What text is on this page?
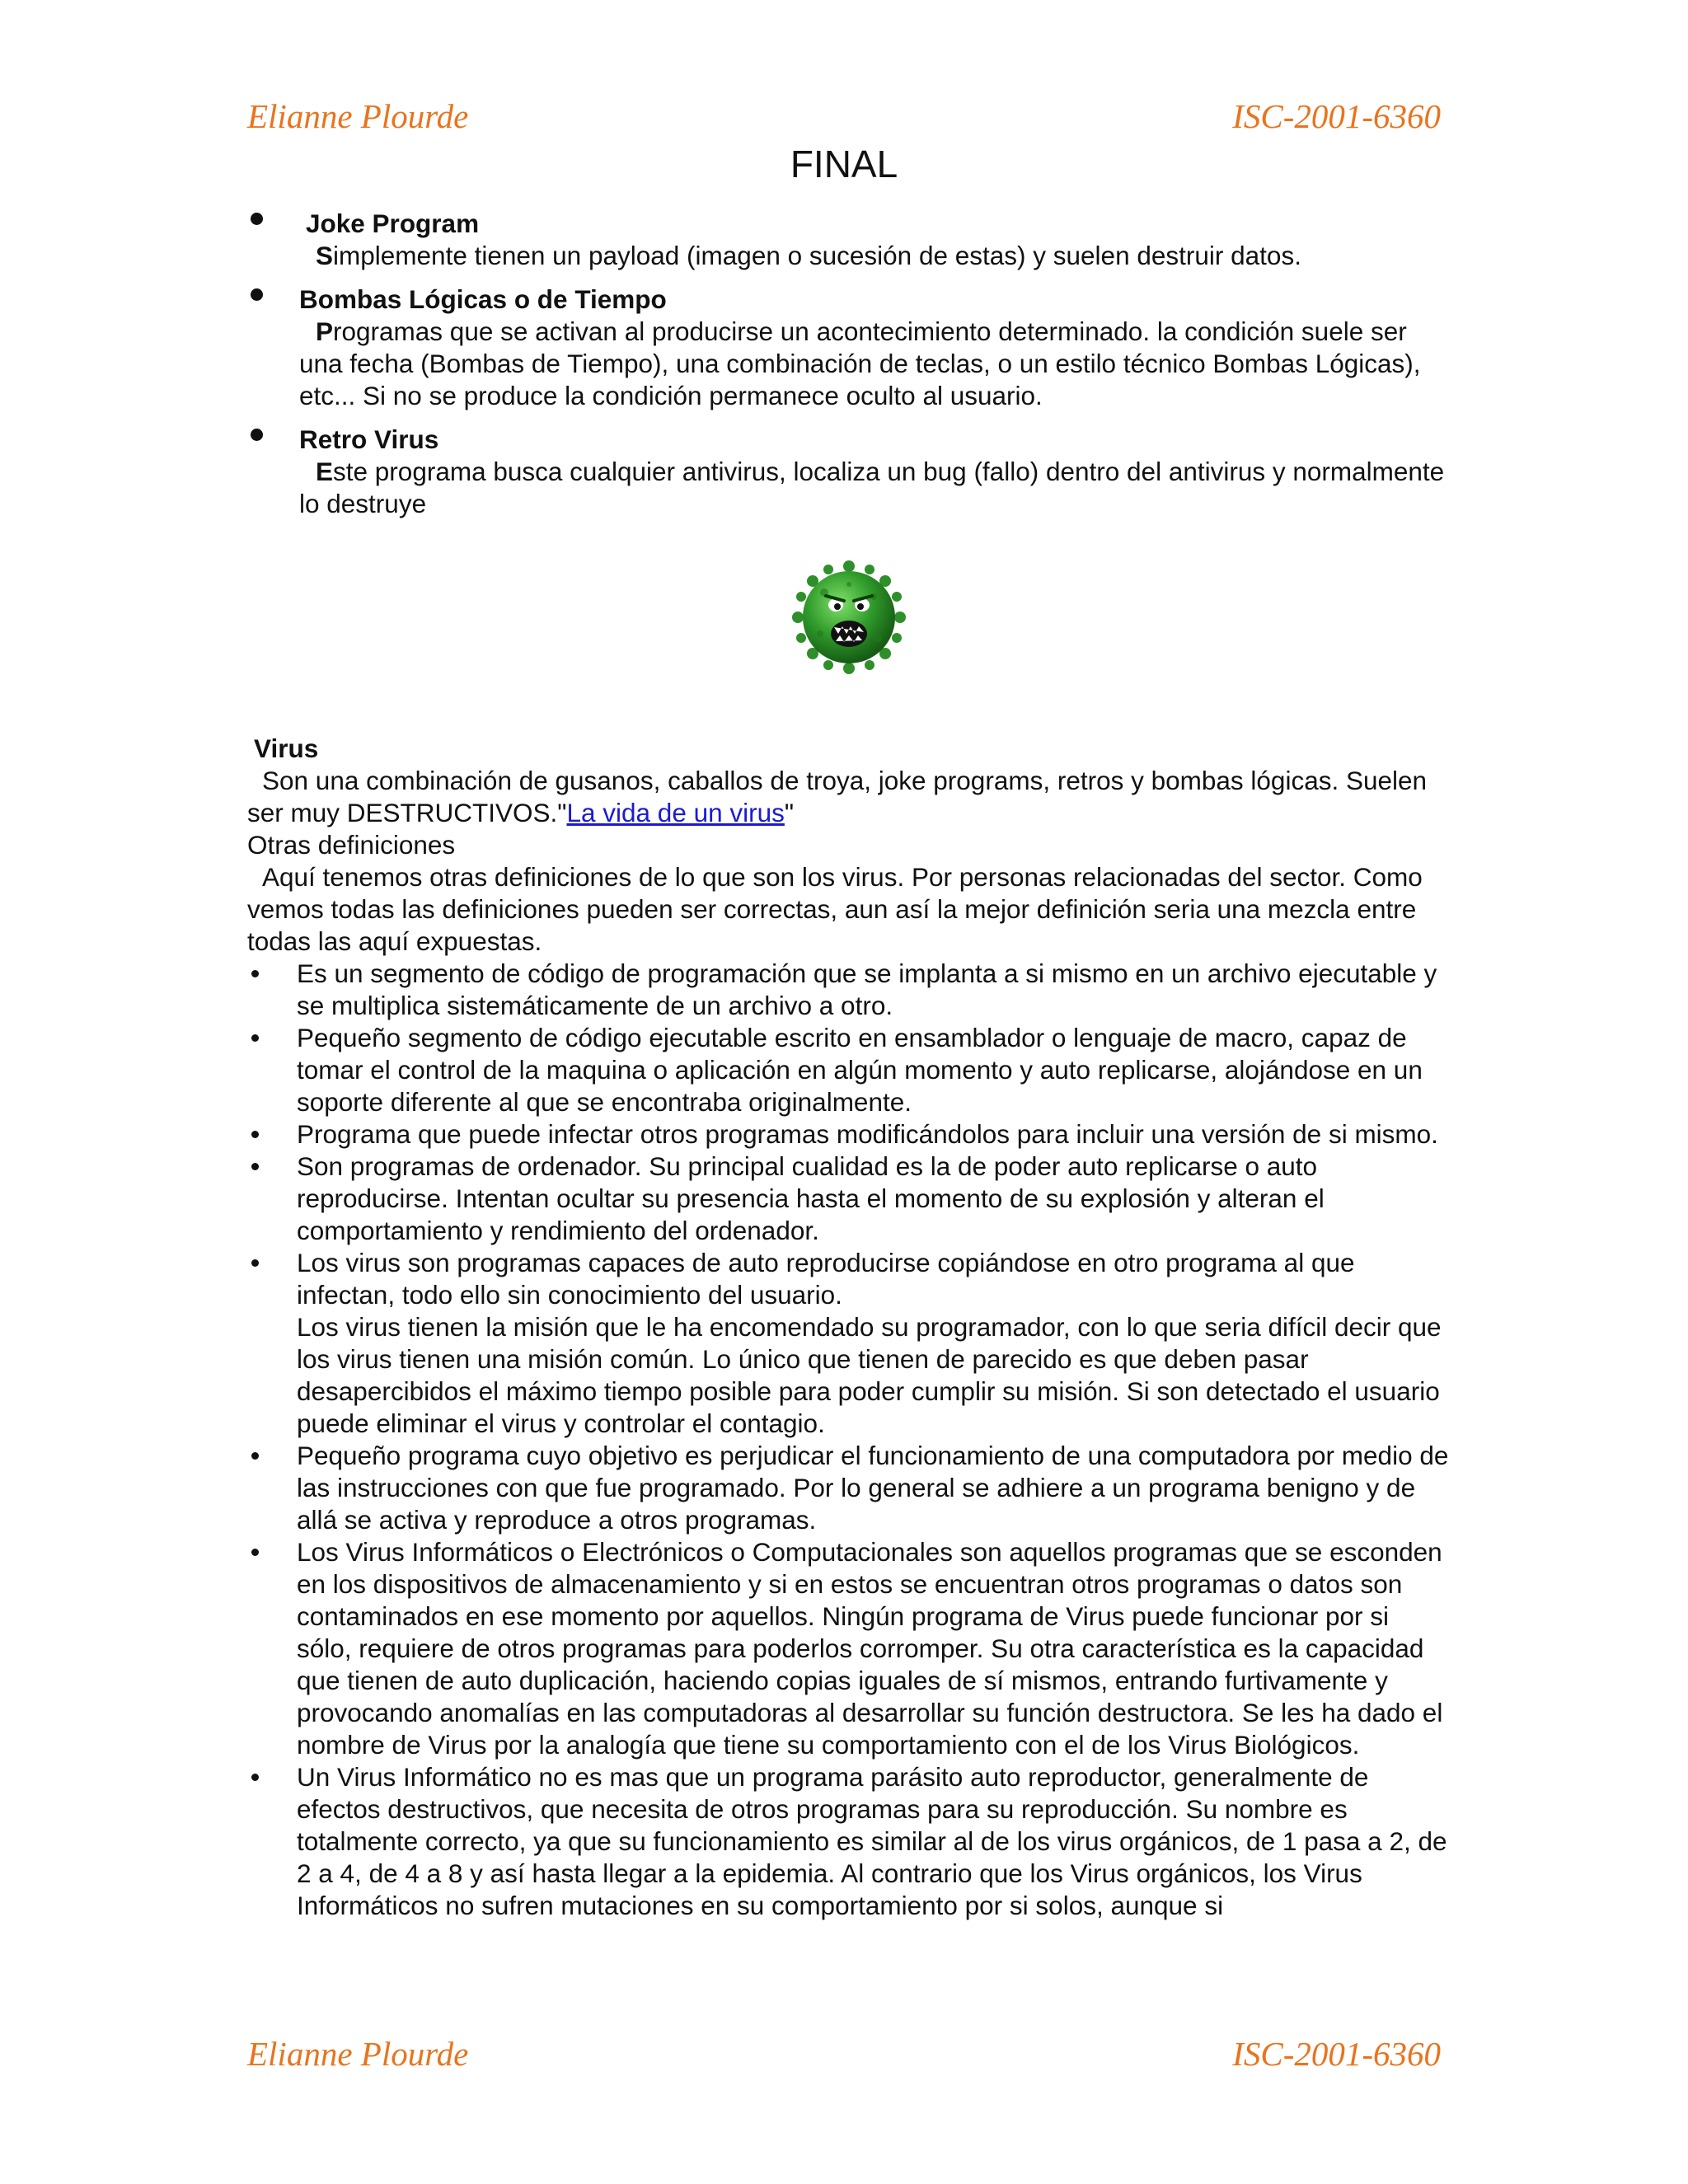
Elianne Plourde	ISC-2001-6360
FINAL
Joke Program
Simplemente tienen un payload (imagen o sucesión de estas) y suelen destruir datos.
Bombas Lógicas o de Tiempo
Programas que se activan al producirse un acontecimiento determinado. la condición suele ser una fecha (Bombas de Tiempo), una combinación de teclas, o un estilo técnico Bombas Lógicas), etc... Si no se produce la condición permanece oculto al usuario.
Retro Virus
Este programa busca cualquier antivirus, localiza un bug (fallo) dentro del antivirus y normalmente lo destruye
Virus
Son una combinación de gusanos, caballos de troya, joke programs, retros y bombas lógicas. Suelen ser muy DESTRUCTIVOS."La vida de un virus"
Otras definiciones
Aquí tenemos otras definiciones de lo que son los virus. Por personas relacionadas del sector. Como vemos todas las definiciones pueden ser correctas, aun así la mejor definición seria una mezcla entre todas las aquí expuestas.
Es un segmento de código de programación que se implanta a si mismo en un archivo ejecutable y se multiplica sistemáticamente de un archivo a otro.
Pequeño segmento de código ejecutable escrito en ensamblador o lenguaje de macro, capaz de tomar el control de la maquina o aplicación en algún momento y auto replicarse, alojándose en un soporte diferente al que se encontraba originalmente.
Programa que puede infectar otros programas modificándolos para incluir una versión de si mismo.
Son programas de ordenador. Su principal cualidad es la de poder auto replicarse o auto reproducirse. Intentan ocultar su presencia hasta el momento de su explosión y alteran el comportamiento y rendimiento del ordenador.
Los virus son programas capaces de auto reproducirse copiándose en otro programa al que infectan, todo ello sin conocimiento del usuario.
Los virus tienen la misión que le ha encomendado su programador, con lo que seria difícil decir que los virus tienen una misión común. Lo único que tienen de parecido es que deben pasar desapercibidos el máximo tiempo posible para poder cumplir su misión. Si son detectado el usuario puede eliminar el virus y controlar el contagio.
Pequeño programa cuyo objetivo es perjudicar el funcionamiento de una computadora por medio de las instrucciones con que fue programado. Por lo general se adhiere a un programa benigno y de allá se activa y reproduce a otros programas.
Los Virus Informáticos o Electrónicos o Computacionales son aquellos programas que se esconden en los dispositivos de almacenamiento y si en estos se encuentran otros programas o datos son contaminados en ese momento por aquellos. Ningún programa de Virus puede funcionar por si sólo, requiere de otros programas para poderlos corromper. Su otra característica es la capacidad que tienen de auto duplicación, haciendo copias iguales de sí mismos, entrando furtivamente y provocando anomalías en las computadoras al desarrollar su función destructora. Se les ha dado el nombre de Virus por la analogía que tiene su comportamiento con el de los Virus Biológicos.
Un Virus Informático no es mas que un programa parásito auto reproductor, generalmente de efectos destructivos, que necesita de otros programas para su reproducción. Su nombre es totalmente correcto, ya que su funcionamiento es similar al de los virus orgánicos, de 1 pasa a 2, de 2 a 4, de 4 a 8 y así hasta llegar a la epidemia. Al contrario que los Virus orgánicos, los Virus Informáticos no sufren mutaciones en su comportamiento por si solos, aunque si
Elianne Plourde	ISC-2001-6360
